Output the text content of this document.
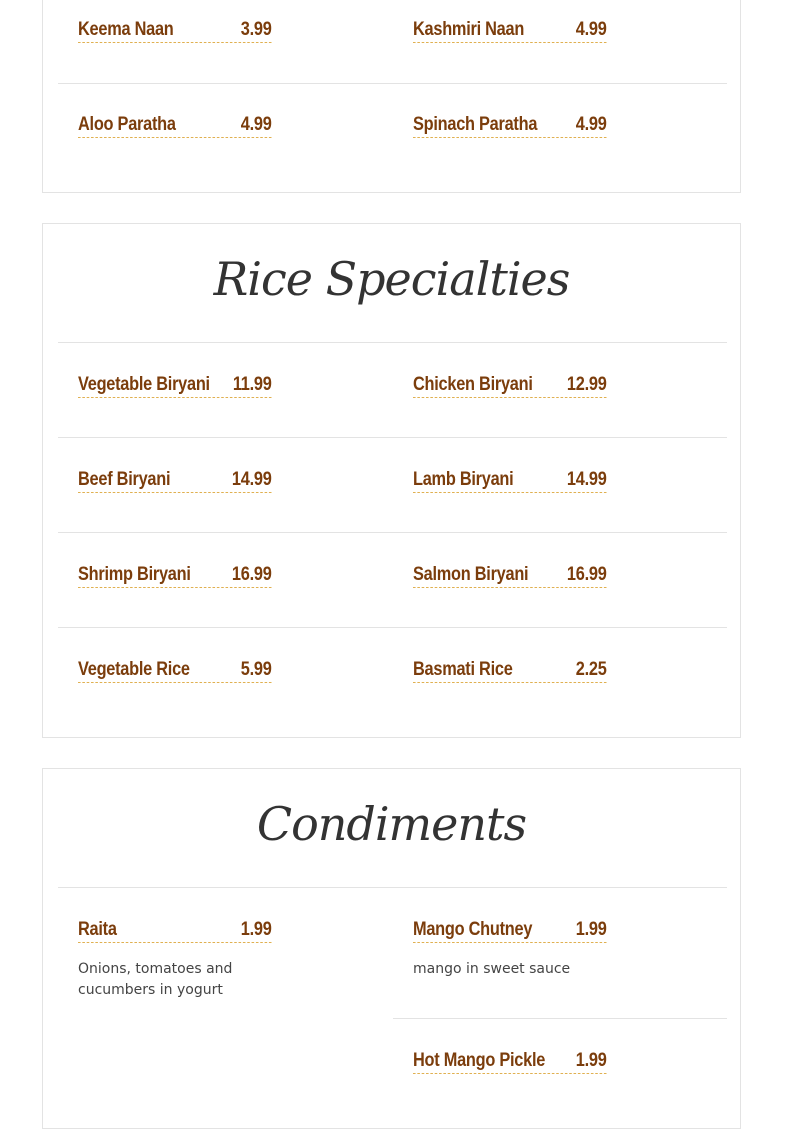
Keema Naan	3.99	Kashmiri Naan	4.99
Aloo Paratha	4.99	Spinach Paratha 4.99
Rice Specialties
Vegetable Biryani 11.99	Chicken Biryani 12.99
Beef Biryani	14.99	Lamb Biryani	14.99
Shrimp Biryani 16.99	Salmon Biryani 16.99
Vegetable Rice	5.99	Basmati Rice	2.25
Condiments
Raita	1.99
Onions, tomatoes and cucumbers in yogurt
Mango Chutney 1.99
mango in sweet sauce
Hot Mango Pickle 1.99
